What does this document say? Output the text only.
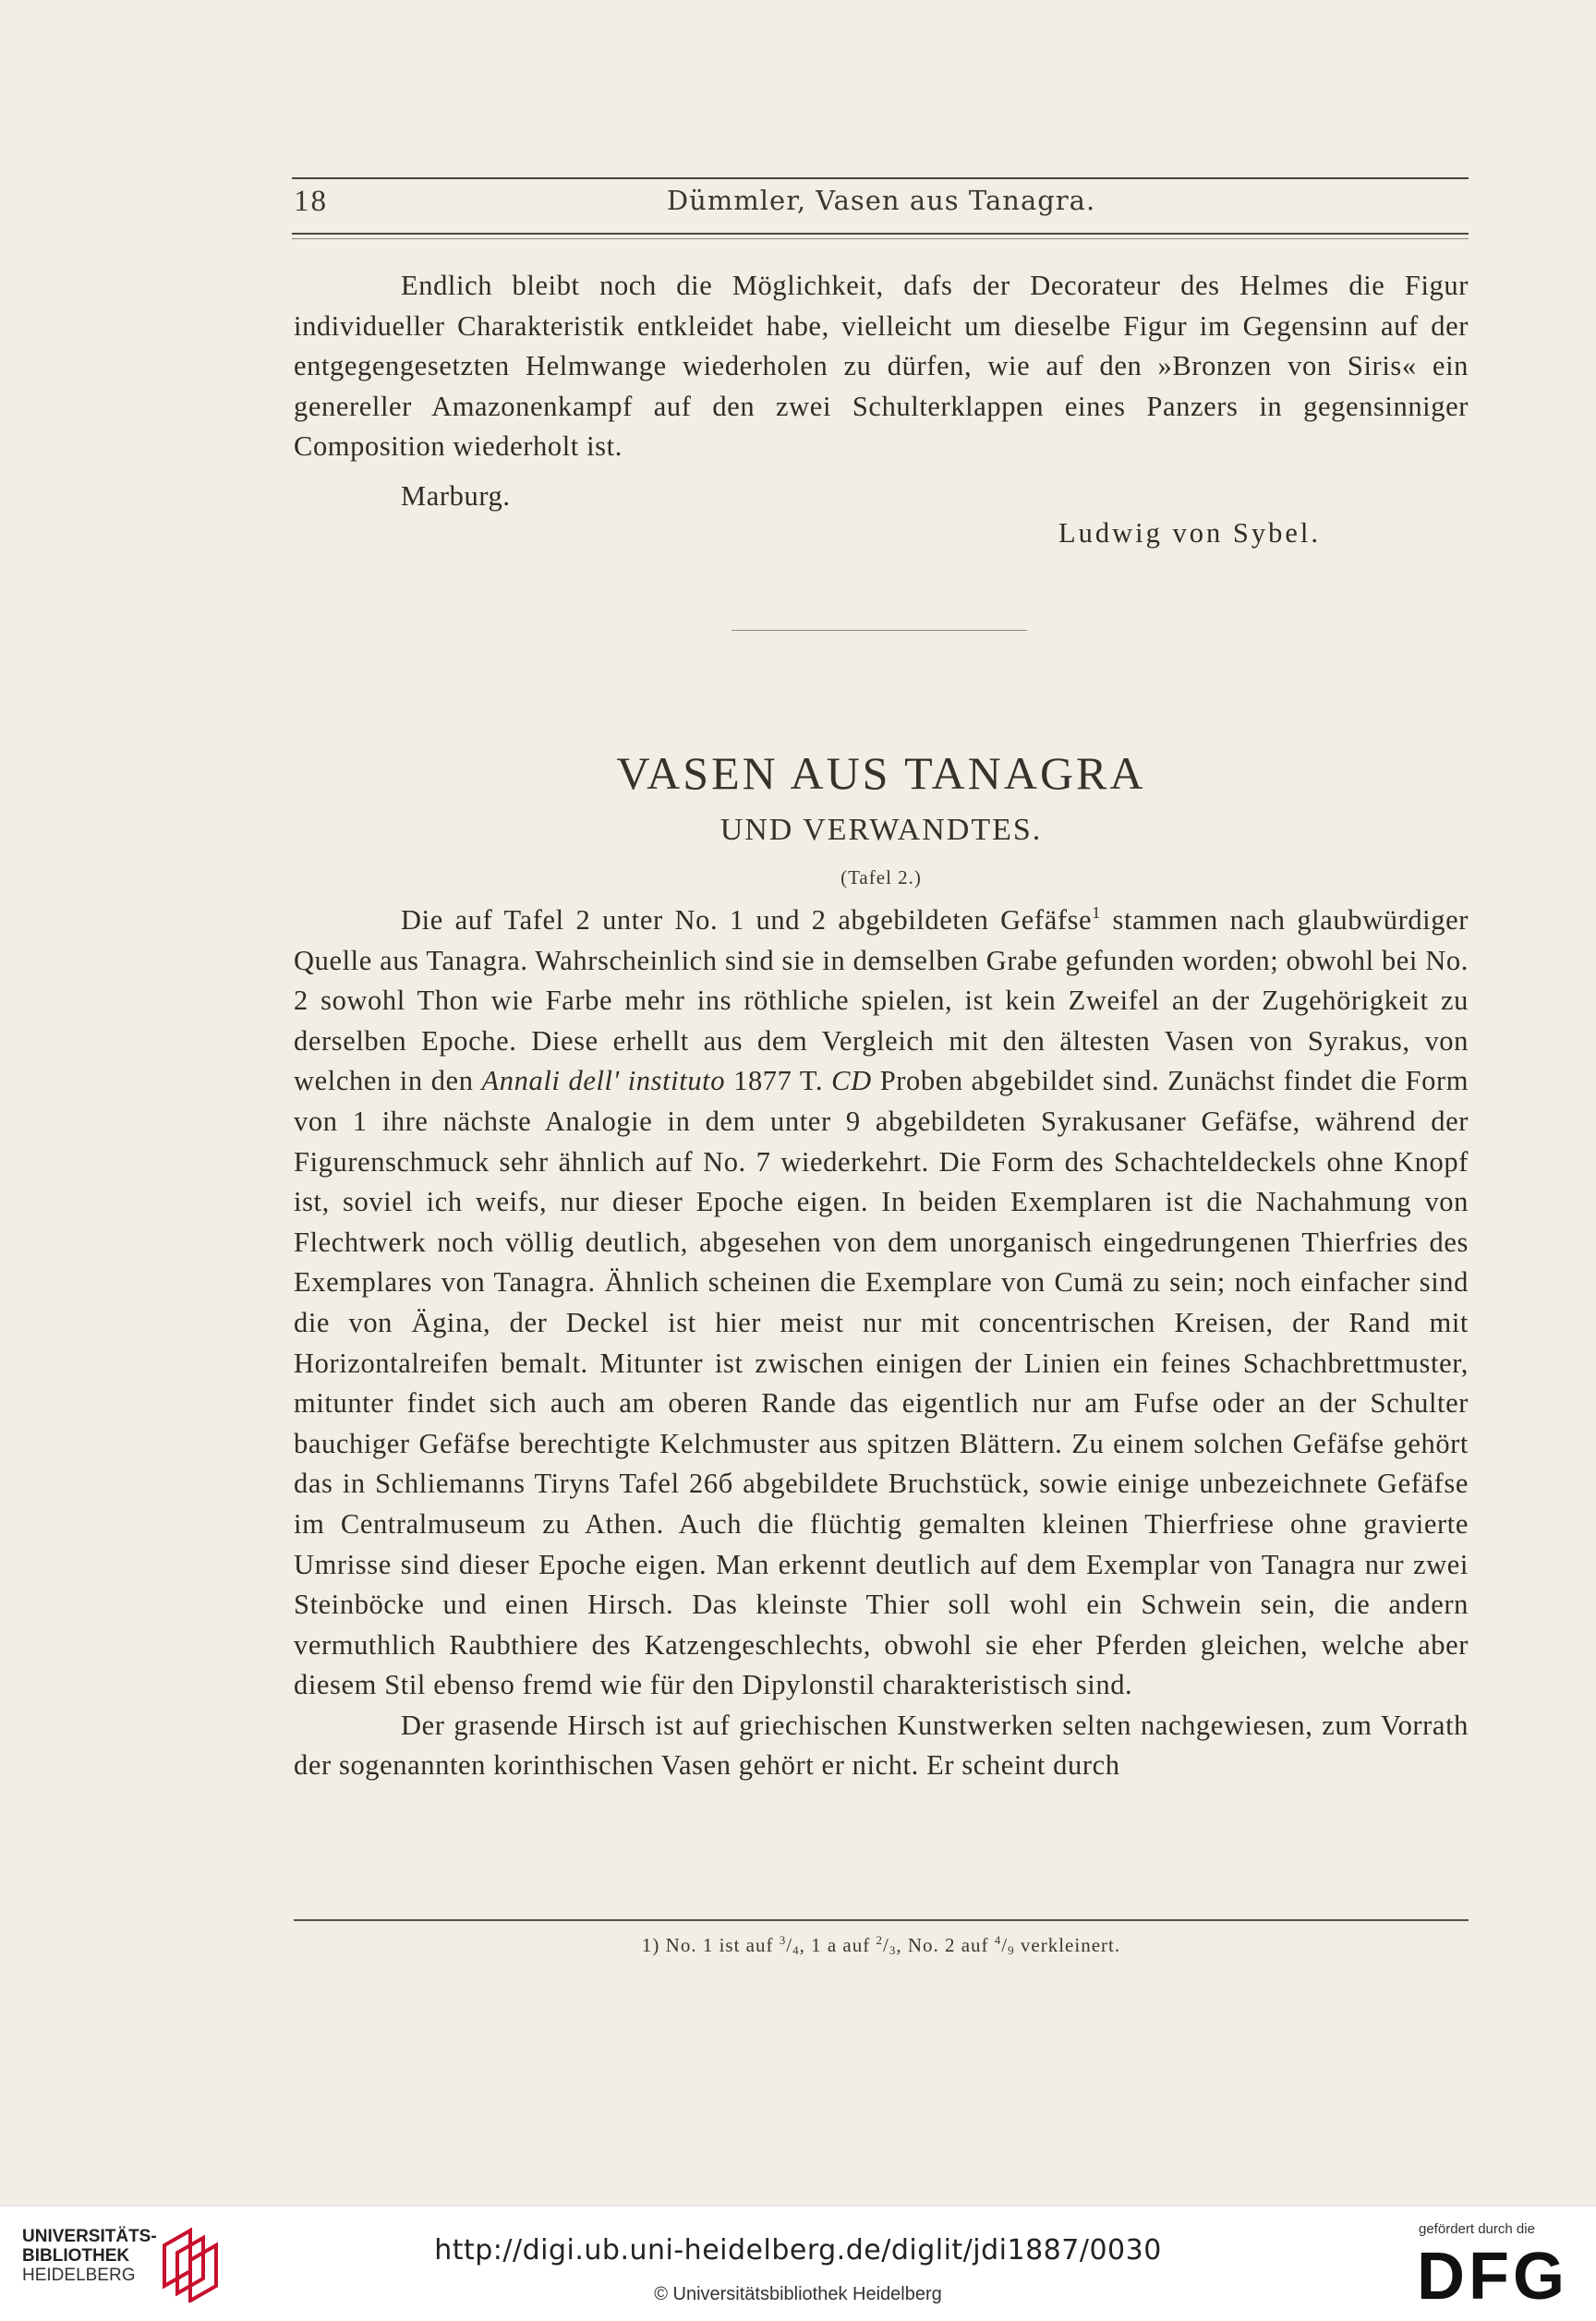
18	Dümmler, Vasen aus Tanagra.

Endlich bleibt noch die Möglichkeit, dafs der Decorateur des Helmes die Figur individueller Charakteristik entkleidet habe, vielleicht um dieselbe Figur im Gegensinn auf der entgegengesetzten Helmwange wiederholen zu dürfen, wie auf den »Bronzen von Siris« ein genereller Amazonenkampf auf den zwei Schulterklappen eines Panzers in gegensinniger Composition wiederholt ist.

Marburg.
Ludwig von Sybel.
VASEN AUS TANAGRA
UND VERWANDTES.
(Tafel 2.)

Die auf Tafel 2 unter No. 1 und 2 abgebildeten Gefäfse$^1$ stammen nach glaubwürdiger Quelle aus Tanagra. Wahrscheinlich sind sie in demselben Grabe gefunden worden; obwohl bei No. 2 sowohl Thon wie Farbe mehr ins röthliche spielen, ist kein Zweifel an der Zugehörigkeit zu derselben Epoche. Diese erhellt aus dem Vergleich mit den ältesten Vasen von Syrakus, von welchen in den Annali dell' instituto 1877 T. CD Proben abgebildet sind. Zunächst findet die Form von 1 ihre nächste Analogie in dem unter 9 abgebildeten Syrakusaner Gefäfse, während der Figurenschmuck sehr ähnlich auf No. 7 wiederkehrt. Die Form des Schachteldeckels ohne Knopf ist, soviel ich weifs, nur dieser Epoche eigen. In beiden Exemplaren ist die Nachahmung von Flechtwerk noch völlig deutlich, abgesehen von dem unorganisch eingedrungenen Thierfries des Exemplares von Tanagra. Ähnlich scheinen die Exemplare von Cumä zu sein; noch einfacher sind die von Ägina, der Deckel ist hier meist nur mit concentrischen Kreisen, der Rand mit Horizontalreifen bemalt. Mitunter ist zwischen einigen der Linien ein feines Schachbrettmuster, mitunter findet sich auch am oberen Rande das eigentlich nur am Fufse oder an der Schulter bauchiger Gefäfse berechtigte Kelchmuster aus spitzen Blättern. Zu einem solchen Gefäfse gehört das in Schliemanns Tiryns Tafel 26б abgebildete Bruchstück, sowie einige unbezeichnete Gefäfse im Centralmuseum zu Athen. Auch die flüchtig gemalten kleinen Thierfriese ohne gravierte Umrisse sind dieser Epoche eigen. Man erkennt deutlich auf dem Exemplar von Tanagra nur zwei Steinböcke und einen Hirsch. Das kleinste Thier soll wohl ein Schwein sein, die andern vermuthlich Raubthiere des Katzengeschlechts, obwohl sie eher Pferden gleichen, welche aber diesem Stil ebenso fremd wie für den Dipylonstil charakteristisch sind.

Der grasende Hirsch ist auf griechischen Kunstwerken selten nachgewiesen, zum Vorrath der sogenannten korinthischen Vasen gehört er nicht. Er scheint durch

1) No. 1 ist auf $^3/_4$, 1 a auf $^2/_3$, No. 2 auf $^4/_9$ verkleinert.
UNIVERSITÄTS-
BIBLIOTHEK
HEIDELBERG
http://digi.ub.uni-heidelberg.de/diglit/jdi1887/0030
© Universitätsbibliothek Heidelberg
gefördert durch die
DFG
